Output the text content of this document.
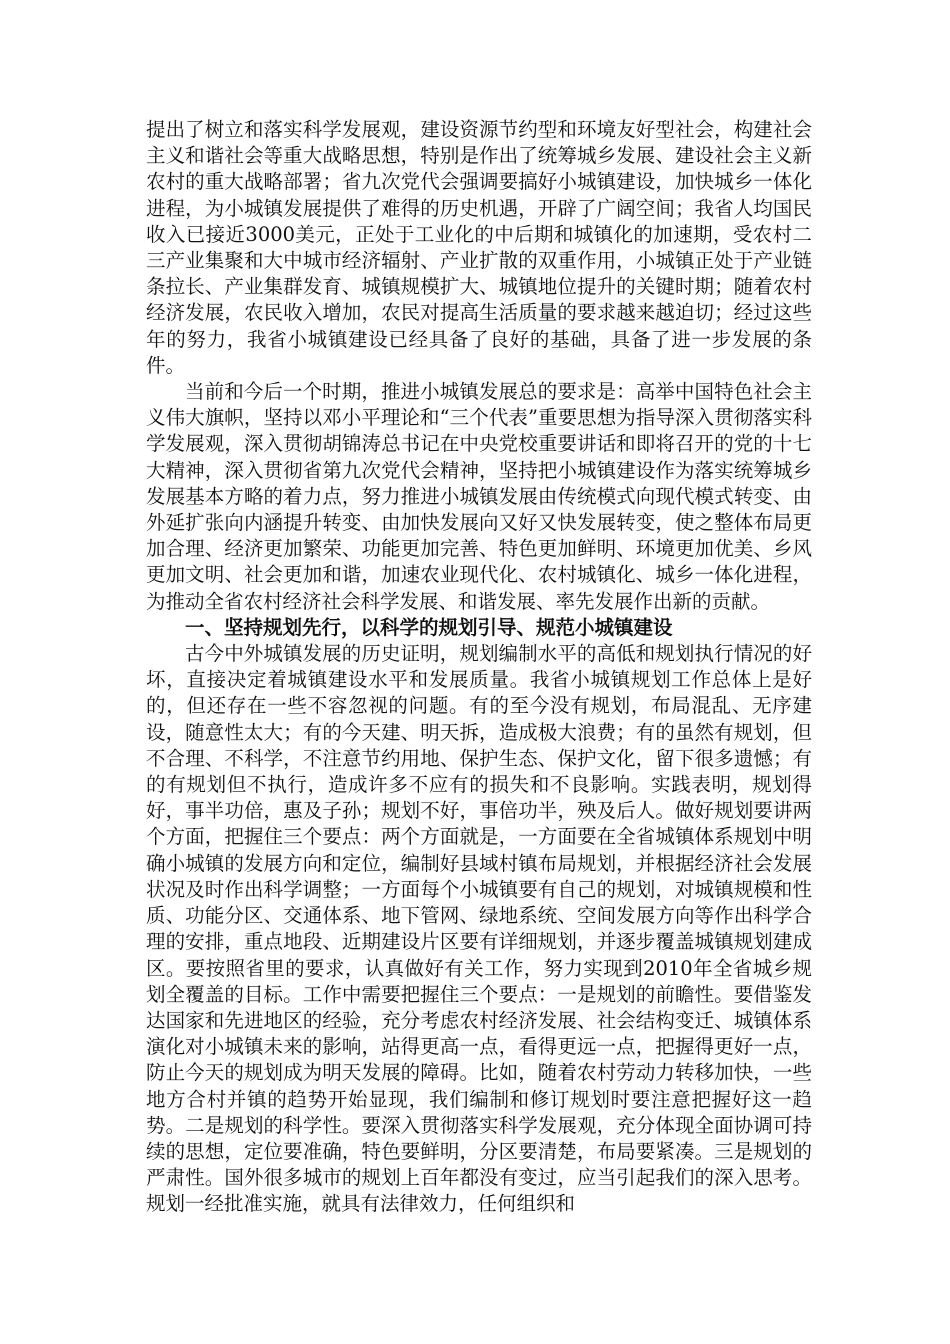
提出了树立和落实科学发展观，建设资源节约型和环境友好型社会，构建社会主义和谐社会等重大战略思想，特别是作出了统筹城乡发展、建设社会主义新农村的重大战略部署；省九次党代会强调要搞好小城镇建设，加快城乡一体化进程，为小城镇发展提供了难得的历史机遇，开辟了广阔空间；我省人均国民收入已接近3000美元，正处于工业化的中后期和城镇化的加速期，受农村二三产业集聚和大中城市经济辐射、产业扩散的双重作用，小城镇正处于产业链条拉长、产业集群发育、城镇规模扩大、城镇地位提升的关键时期；随着农村经济发展，农民收入增加，农民对提高生活质量的要求越来越迫切；经过这些年的努力，我省小城镇建设已经具备了良好的基础，具备了进一步发展的条件。

当前和今后一个时期，推进小城镇发展总的要求是：高举中国特色社会主义伟大旗帜，坚持以邓小平理论和“三个代表”重要思想为指导深入贯彻落实科学发展观，深入贯彻胡锦涛总书记在中央党校重要讲话和即将召开的党的十七大精神，深入贯彻省第九次党代会精神，坚持把小城镇建设作为落实统筹城乡发展基本方略的着力点，努力推进小城镇发展由传统模式向现代模式转变、由外延扩张向内涵提升转变、由加快发展向又好又快发展转变，使之整体布局更加合理、经济更加繁荣、功能更加完善、特色更加鲜明、环境更加优美、乡风更加文明、社会更加和谐，加速农业现代化、农村城镇化、城乡一体化进程，为推动全省农村经济社会科学发展、和谐发展、率先发展作出新的贡献。

一、坚持规划先行，以科学的规划引导、规范小城镇建设

古今中外城镇发展的历史证明，规划编制水平的高低和规划执行情况的好坏，直接决定着城镇建设水平和发展质量。我省小城镇规划工作总体上是好的，但还存在一些不容忽视的问题。有的至今没有规划，布局混乱、无序建设，随意性太大；有的今天建、明天拆，造成极大浪费；有的虽然有规划，但不合理、不科学，不注意节约用地、保护生态、保护文化，留下很多遗憾；有的有规划但不执行，造成许多不应有的损失和不良影响。实践表明，规划得好，事半功倍，惠及子孙；规划不好，事倍功半，殃及后人。做好规划要讲两个方面，把握住三个要点：两个方面就是，一方面要在全省城镇体系规划中明确小城镇的发展方向和定位，编制好县域村镇布局规划，并根据经济社会发展状况及时作出科学调整；一方面每个小城镇要有自己的规划，对城镇规模和性质、功能分区、交通体系、地下管网、绿地系统、空间发展方向等作出科学合理的安排，重点地段、近期建设片区要有详细规划，并逐步覆盖城镇规划建成区。要按照省里的要求，认真做好有关工作，努力实现到2010年全省城乡规划全覆盖的目标。工作中需要把握住三个要点：一是规划的前瞻性。要借鉴发达国家和先进地区的经验，充分考虑农村经济发展、社会结构变迁、城镇体系演化对小城镇未来的影响，站得更高一点，看得更远一点，把握得更好一点，防止今天的规划成为明天发展的障碍。比如，随着农村劳动力转移加快，一些地方合村并镇的趋势开始显现，我们编制和修订规划时要注意把握好这一趋势。二是规划的科学性。要深入贯彻落实科学发展观，充分体现全面协调可持续的思想，定位要准确，特色要鲜明，分区要清楚，布局要紧凑。三是规划的严肃性。国外很多城市的规划上百年都没有变过，应当引起我们的深入思考。规划一经批准实施，就具有法律效力，任何组织和
